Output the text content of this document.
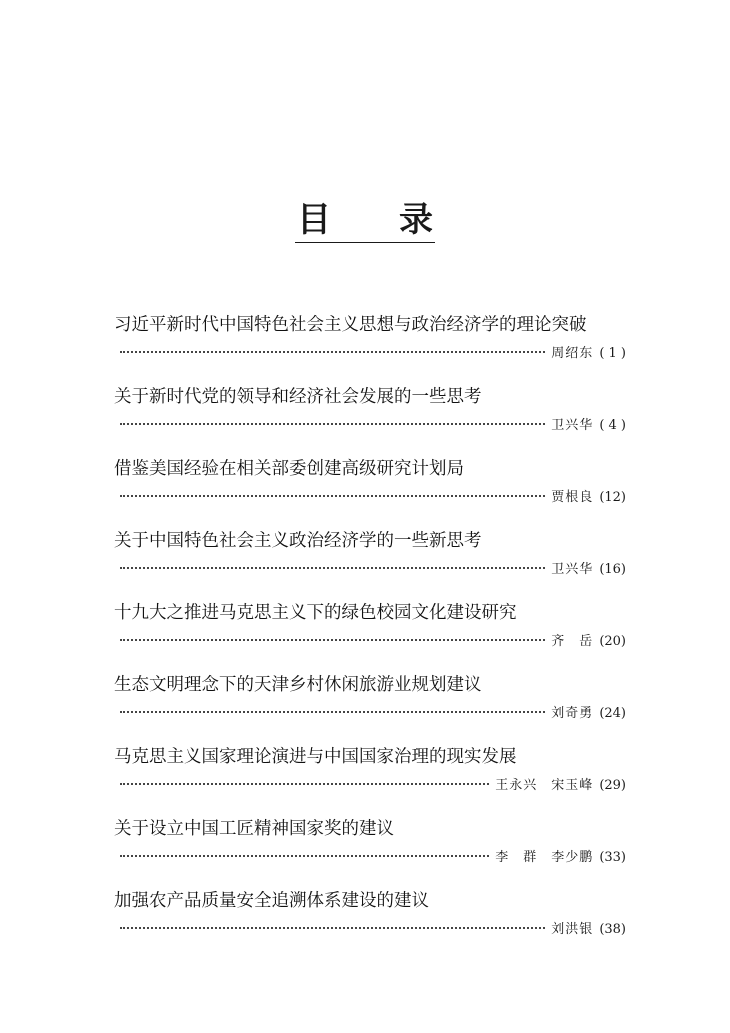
目 录
习近平新时代中国特色社会主义思想与政治经济学的理论突破
周绍东 ( 1 )
关于新时代党的领导和经济社会发展的一些思考
卫兴华 ( 4 )
借鉴美国经验在相关部委创建高级研究计划局
贾根良 (12)
关于中国特色社会主义政治经济学的一些新思考
卫兴华 (16)
十九大之推进马克思主义下的绿色校园文化建设研究
齐　岳 (20)
生态文明理念下的天津乡村休闲旅游业规划建议
刘奇勇 (24)
马克思主义国家理论演进与中国国家治理的现实发展
王永兴　宋玉峰 (29)
关于设立中国工匠精神国家奖的建议
李　群　李少鹏 (33)
加强农产品质量安全追溯体系建设的建议
刘洪银 (38)
